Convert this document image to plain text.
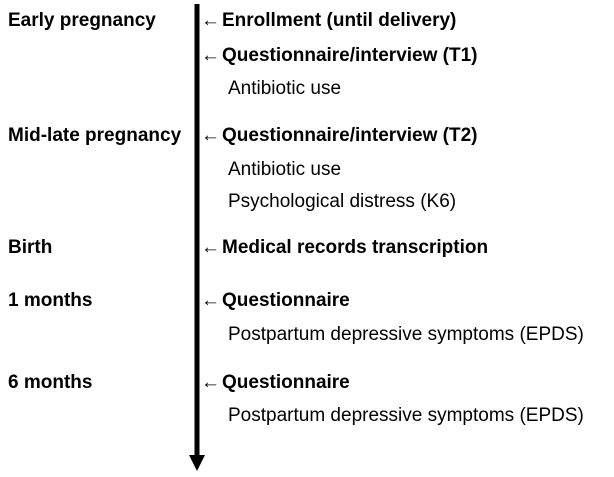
Early pregnancy
Mid-late pregnancy
Birth
1 months
6 months
← Enrollment (until delivery)
← Questionnaire/interview (T1)
Antibiotic use
← Questionnaire/interview (T2)
Antibiotic use
Psychological distress (K6)
← Medical records transcription
← Questionnaire
Postpartum depressive symptoms (EPDS)
← Questionnaire
Postpartum depressive symptoms (EPDS)
